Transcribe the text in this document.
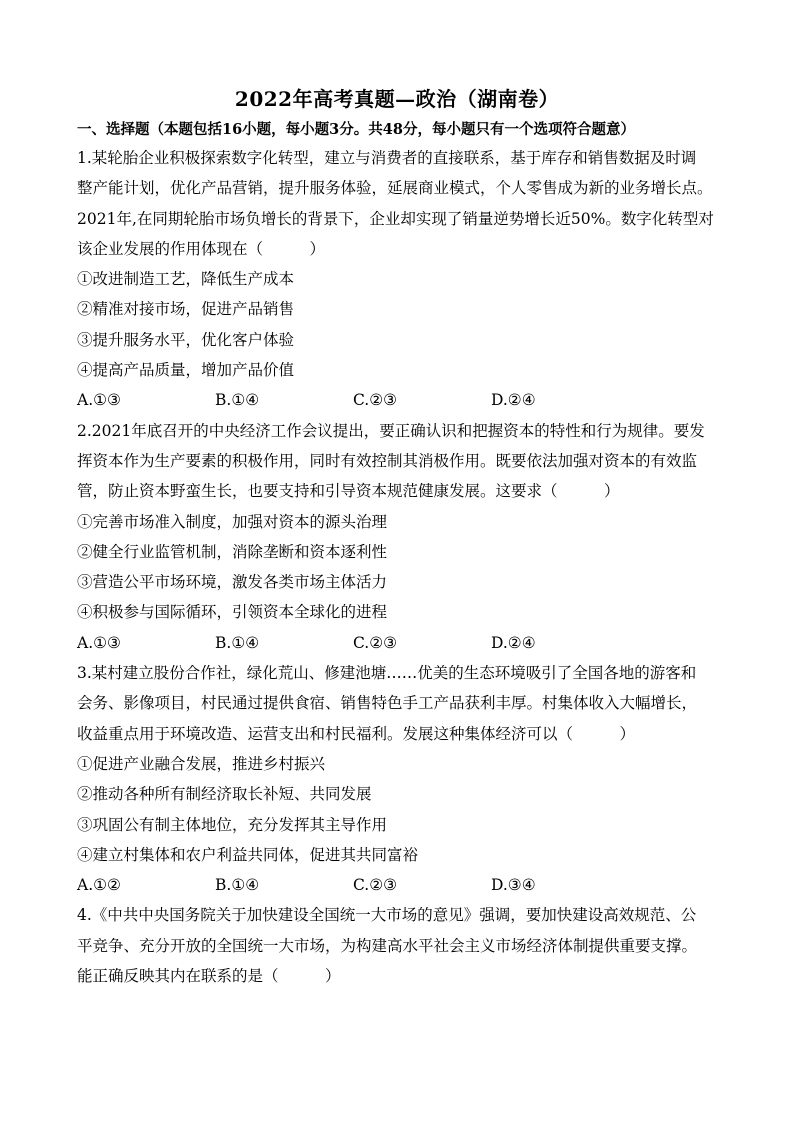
2022年高考真题—政治（湖南卷）
一、选择题（本题包括16小题，每小题3分。共48分，每小题只有一个选项符合题意）
1.某轮胎企业积极探索数字化转型，建立与消费者的直接联系，基于库存和销售数据及时调
整产能计划，优化产品营销，提升服务体验，延展商业模式，个人零售成为新的业务增长点。
2021年,在同期轮胎市场负增长的背景下，企业却实现了销量逆势增长近50%。数字化转型对
该企业发展的作用体现在（　　　）
①改进制造工艺，降低生产成本
②精准对接市场，促进产品销售
③提升服务水平，优化客户体验
④提高产品质量，增加产品价值
A.①③	B.①④	C.②③	D.②④
2.2021年底召开的中央经济工作会议提出，要正确认识和把握资本的特性和行为规律。要发
挥资本作为生产要素的积极作用，同时有效控制其消极作用。既要依法加强对资本的有效监
管，防止资本野蛮生长，也要支持和引导资本规范健康发展。这要求（　　　）
①完善市场准入制度，加强对资本的源头治理
②健全行业监管机制，消除垄断和资本逐利性
③营造公平市场环境，激发各类市场主体活力
④积极参与国际循环，引领资本全球化的进程
A.①③	B.①④	C.②③	D.②④
3.某村建立股份合作社，绿化荒山、修建池塘……优美的生态环境吸引了全国各地的游客和
会务、影像项目，村民通过提供食宿、销售特色手工产品获利丰厚。村集体收入大幅增长，
收益重点用于环境改造、运营支出和村民福利。发展这种集体经济可以（　　　）
①促进产业融合发展，推进乡村振兴
②推动各种所有制经济取长补短、共同发展
③巩固公有制主体地位，充分发挥其主导作用
④建立村集体和农户利益共同体，促进其共同富裕
A.①②	B.①④	C.②③	D.③④
4.《中共中央国务院关于加快建设全国统一大市场的意见》强调，要加快建设高效规范、公
平竞争、充分开放的全国统一大市场，为构建高水平社会主义市场经济体制提供重要支撑。
能正确反映其内在联系的是（　　　）
